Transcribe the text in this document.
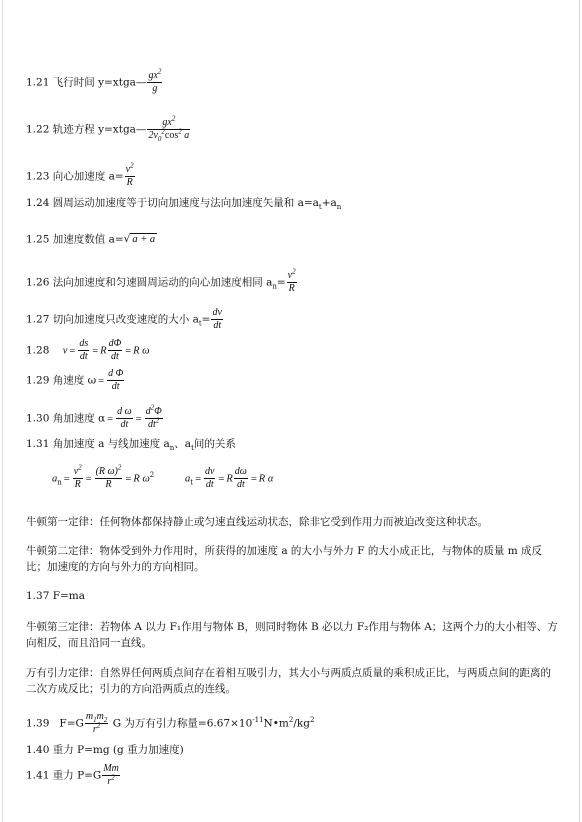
1.21 飞行时间 y=xtga— $\frac{gx^2}{g}$
1.22 轨迹方程 y=xtga— $\frac{gx^2}{2v_0^2\cos^2 a}$
1.23 向心加速度 $a= \frac{v^2}{R}$
1.24 圆周运动加速度等于切向加速度与法向加速度矢量和 $a=a_t+a_n$
1.25 加速度数值 a=√ a + a
1.26 法向加速度和匀速圆周运动的向心加速度相同 $a_n= \frac{v^2}{R}$
1.27 切向加速度只改变速度的大小 $a_t= \frac{dv}{dt}$
1.28 $v = \frac{ds}{dt} = R \frac{d\Phi}{dt} = R$ ω
1.29 角速度 $\omega = \frac{\text{d Φ}}{dt}$
1.30 角加速度 $\alpha = \frac{\text{d ω}}{dt} = \frac{d^2\Phi}{dt^2}$
1.31 角加速度 a 与线加速度 $a_n$、$a_t$间的关系
$a_n = \frac{v^2}{R} = \frac{(R \omega)^2}{R} = R$ $\omega^2$	$a_t = \frac{dv}{dt} = R \frac{d\omega}{dt} = R$ α
牛顿第一定律：任何物体都保持静止或匀速直线运动状态，除非它受到作用力而被迫改变这种状态。
牛顿第二定律：物体受到外力作用时，所获得的加速度 a 的大小与外力 F 的大小成正比，与物体的质量 m 成反比；加速度的方向与外力的方向相同。
1.37 F=ma
牛顿第三定律：若物体 A 以力 F₁作用与物体 B，则同时物体 B 必以力 F₂作用与物体 A；这两个力的大小相等、方向相反，而且沿同一直线。
万有引力定律：自然界任何两质点间存在着相互吸引力，其大小与两质点质量的乘积成正比，与两质点间的距离的二次方成反比；引力的方向沿两质点的连线。
1.39 $F=G \frac{m_1m_2}{r^2}$ G 为万有引力称量$=6.67\times 10^{-11}N•m^2/kg^2$
1.40 重力 P=mg (g 重力加速度)
1.41 重力 $P=G \frac{Mm}{r^2}$
